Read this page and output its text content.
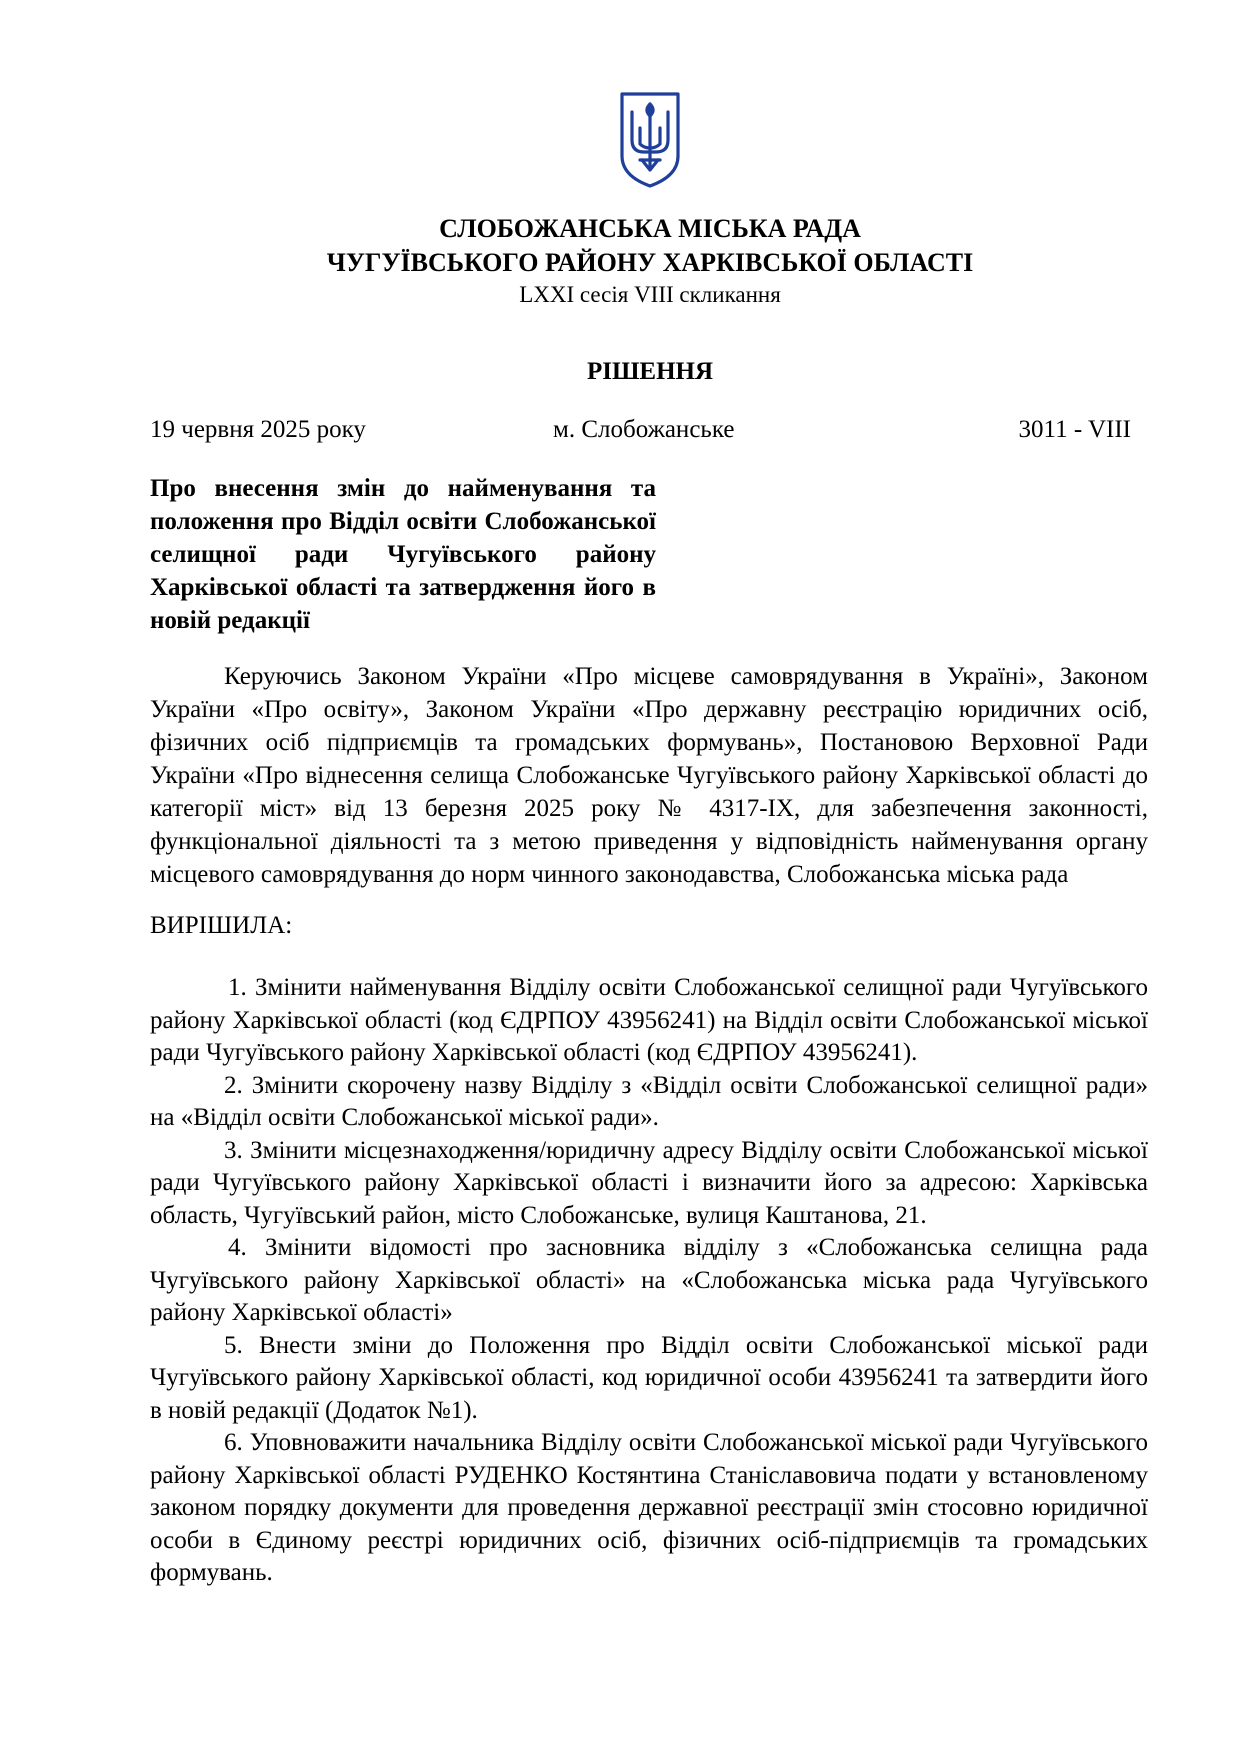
СЛОБОЖАНСЬКА МІСЬКА РАДА
ЧУГУЇВСЬКОГО РАЙОНУ ХАРКІВСЬКОЇ ОБЛАСТІ
LXXI сесія VIII скликання
РІШЕННЯ
19 червня 2025 року	м. Слобожанське	3011 - VIII
Про внесення змін до найменування та положення про Відділ освіти Слобожанської селищної ради Чугуївського району Харківської області та затвердження його в новій редакції

Керуючись Законом України «Про місцеве самоврядування в Україні», Законом України «Про освіту», Законом України «Про державну реєстрацію юридичних осіб, фізичних осіб підприємців та громадських формувань», Постановою Верховної Ради України «Про віднесення селища Слобожанське Чугуївського району Харківської області до категорії міст» від 13 березня 2025 року № 4317-IX, для забезпечення законності, функціональної діяльності та з метою приведення у відповідність найменування органу місцевого самоврядування до норм чинного законодавства, Слобожанська міська рада

ВИРІШИЛА:

1. Змінити найменування Відділу освіти Слобожанської селищної ради Чугуївського району Харківської області (код ЄДРПОУ 43956241) на Відділ освіти Слобожанської міської ради Чугуївського району Харківської області (код ЄДРПОУ 43956241).

2. Змінити скорочену назву Відділу з «Відділ освіти Слобожанської селищної ради» на «Відділ освіти Слобожанської міської ради».

3. Змінити місцезнаходження/юридичну адресу Відділу освіти Слобожанської міської ради Чугуївського району Харківської області і визначити його за адресою: Харківська область, Чугуївський район, місто Слобожанське, вулиця Каштанова, 21.

4. Змінити відомості про засновника відділу з «Слобожанська селищна рада Чугуївського району Харківської області» на «Слобожанська міська рада Чугуївського району Харківської області»

5. Внести зміни до Положення про Відділ освіти Слобожанської міської ради Чугуївського району Харківської області, код юридичної особи 43956241 та затвердити його в новій редакції (Додаток №1).

6. Уповноважити начальника Відділу освіти Слобожанської міської ради Чугуївського району Харківської області РУДЕНКО Костянтина Станіславовича подати у встановленому законом порядку документи для проведення державної реєстрації змін стосовно юридичної особи в Єдиному реєстрі юридичних осіб, фізичних осіб-підприємців та громадських формувань.
